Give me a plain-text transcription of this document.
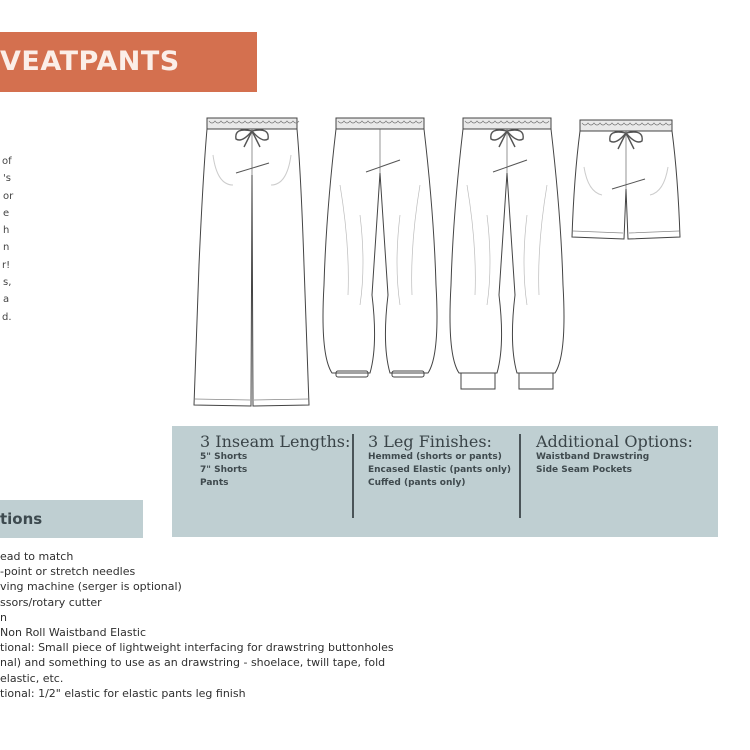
VEATPANTS
of
's
or
e
h
n
r!
s,
a
d.
3 Inseam Lengths:
5" Shorts
7" Shorts
Pants
3 Leg Finishes:
Hemmed (shorts or pants)
Encased Elastic (pants only)
Cuffed (pants only)
Additional Options:
Waistband Drawstring
Side Seam Pockets
tions
ead to match
-point or stretch needles
ving machine (serger is optional)
ssors/rotary cutter
n
Non Roll Waistband Elastic
tional: Small piece of lightweight interfacing for drawstring buttonholes
nal) and something to use as an drawstring - shoelace, twill tape, fold
elastic, etc.
tional: 1/2" elastic for elastic pants leg finish
